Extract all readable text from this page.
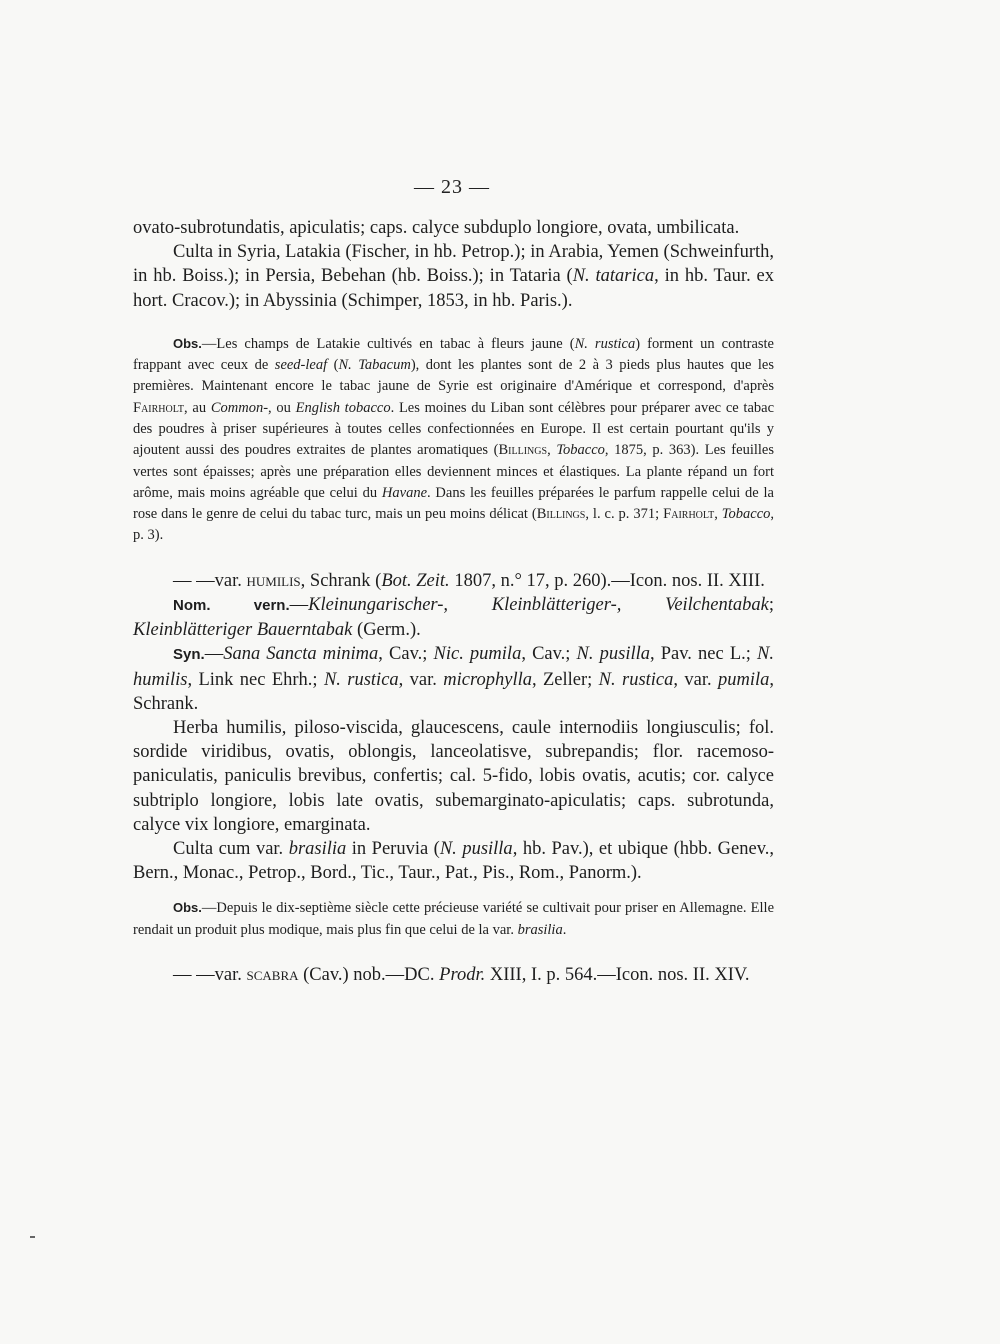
— 23 —

ovato-subrotundatis, apiculatis; caps. calyce subduplo longiore, ovata, umbilicata.

Culta in Syria, Latakia (Fischer, in hb. Petrop.); in Arabia, Yemen (Schweinfurth, in hb. Boiss.); in Persia, Bebehan (hb. Boiss.); in Tataria (N. tatarica, in hb. Taur. ex hort. Cracov.); in Abyssinia (Schimper, 1853, in hb. Paris.).

Obs.—Les champs de Latakie cultivés en tabac à fleurs jaune (N. rustica) forment un contraste frappant avec ceux de seed-leaf (N. Tabacum), dont les plantes sont de 2 à 3 pieds plus hautes que les premières. Maintenant encore le tabac jaune de Syrie est originaire d'Amérique et correspond, d'après Fairholt, au Common-, ou English tobacco. Les moines du Liban sont célèbres pour préparer avec ce tabac des poudres à priser supérieures à toutes celles confectionnées en Europe. Il est certain pourtant qu'ils y ajoutent aussi des poudres extraites de plantes aromatiques (Billings, Tobacco, 1875, p. 363). Les feuilles vertes sont épaisses; après une préparation elles deviennent minces et élastiques. La plante répand un fort arôme, mais moins agréable que celui du Havane. Dans les feuilles préparées le parfum rappelle celui de la rose dans le genre de celui du tabac turc, mais un peu moins délicat (Billings, l. c. p. 371; Fairholt, Tobacco, p. 3).

— —var. humilis, Schrank (Bot. Zeit. 1807, n.° 17, p. 260).—Icon. nos. II. XIII.

Nom. vern.—Kleinungarischer-, Kleinblätteriger-, Veilchentabak; Kleinblätteriger Bauerntabak (Germ.).

Syn.—Sana Sancta minima, Cav.; Nic. pumila, Cav.; N. pusilla, Pav. nec L.; N. humilis, Link nec Ehrh.; N. rustica, var. microphylla, Zeller; N. rustica, var. pumila, Schrank.

Herba humilis, piloso-viscida, glaucescens, caule internodiis longiusculis; fol. sordide viridibus, ovatis, oblongis, lanceolatisve, subrepandis; flor. racemoso-paniculatis, paniculis brevibus, confertis; cal. 5-fido, lobis ovatis, acutis; cor. calyce subtriplo longiore, lobis late ovatis, subemarginato-apiculatis; caps. subrotunda, calyce vix longiore, emarginata.

Culta cum var. brasilia in Peruvia (N. pusilla, hb. Pav.), et ubique (hbb. Genev., Bern., Monac., Petrop., Bord., Tic., Taur., Pat., Pis., Rom., Panorm.).

Obs.—Depuis le dix-septième siècle cette précieuse variété se cultivait pour priser en Allemagne. Elle rendait un produit plus modique, mais plus fin que celui de la var. brasilia.

— —var. scabra (Cav.) nob.—DC. Prodr. XIII, I. p. 564.—Icon. nos. II. XIV.
